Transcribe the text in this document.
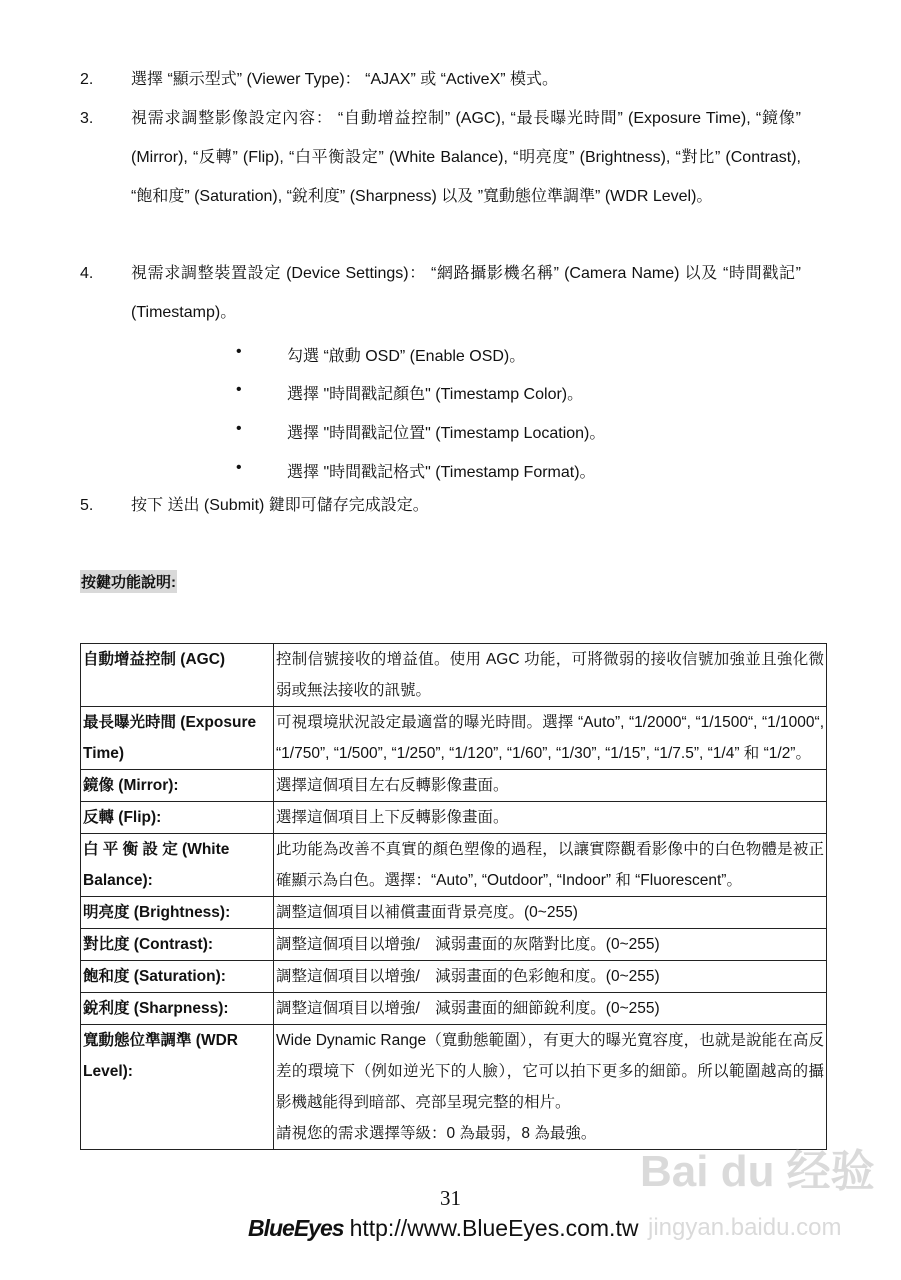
2. 選擇 “顯示型式” (Viewer Type)： “AJAX” 或 “ActiveX” 模式。
3. 視需求調整影像設定內容： “自動增益控制” (AGC), “最長曝光時間” (Exposure Time), “鏡像” (Mirror), “反轉” (Flip), “白平衡設定” (White Balance), “明亮度” (Brightness), “對比” (Contrast), “飽和度” (Saturation), “銳利度” (Sharpness) 以及 ”寬動態位準調準” (WDR Level)。
4. 視需求調整裝置設定 (Device Settings)： “網路攝影機名稱” (Camera Name) 以及 “時間戳記” (Timestamp)。
•	勾選 “啟動 OSD” (Enable OSD)。
•	選擇 "時間戳記顏色" (Timestamp Color)。
•	選擇 "時間戳記位置" (Timestamp Location)。
•	選擇 "時間戳記格式" (Timestamp Format)。
5. 按下 送出 (Submit) 鍵即可儲存完成設定。
按鍵功能說明:
自動增益控制 (AGC)	控制信號接收的增益值。使用 AGC 功能，可將微弱的接收信號加強並且強化微弱或無法接收的訊號。
最長曝光時間 (Exposure Time)	可視環境狀況設定最適當的曝光時間。選擇 “Auto”, “1/2000“, “1/1500“, “1/1000“, “1/750”, “1/500”, “1/250”, “1/120”, “1/60”, “1/30”, “1/15”, “1/7.5”, “1/4” 和 “1/2”。
鏡像 (Mirror):	選擇這個項目左右反轉影像畫面。
反轉 (Flip):	選擇這個項目上下反轉影像畫面。
白 平 衡 設 定 (White Balance):	此功能為改善不真實的顏色塑像的過程，以讓實際觀看影像中的白色物體是被正確顯示為白色。選擇：“Auto”, “Outdoor”, “Indoor” 和 “Fluorescent”。
明亮度 (Brightness):	調整這個項目以補償畫面背景亮度。(0~255)
對比度 (Contrast):	調整這個項目以增強/　減弱畫面的灰階對比度。(0~255)
飽和度 (Saturation):	調整這個項目以增強/　減弱畫面的色彩飽和度。(0~255)
銳利度 (Sharpness):	調整這個項目以增強/　減弱畫面的細節銳利度。(0~255)
寬動態位準調準 (WDR Level):	Wide Dynamic Range（寬動態範圍），有更大的曝光寬容度，也就是說能在高反差的環境下（例如逆光下的人臉），它可以拍下更多的細節。所以範圍越高的攝影機越能得到暗部、亮部呈現完整的相片。
請視您的需求選擇等級：0 為最弱，8 為最強。
31
BlueEyes http://www.BlueEyes.com.tw
Bai du 经验
jingyan.baidu.com
